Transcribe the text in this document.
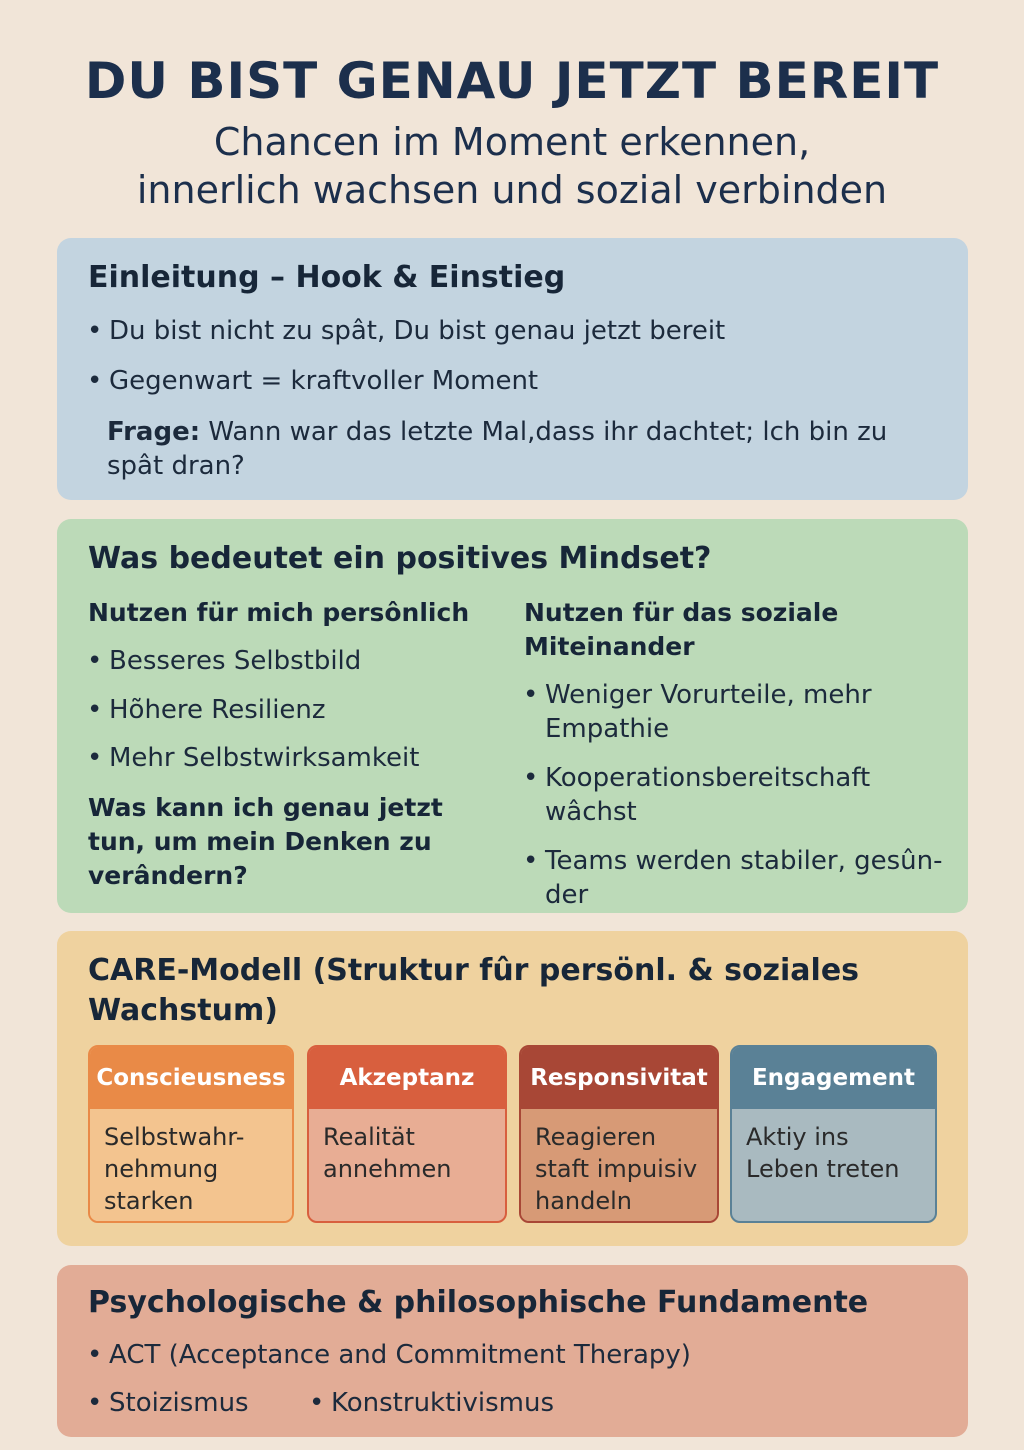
DU BIST GENAU JETZT BEREIT
Chancen im Moment erkennen,
innerlich wachsen und sozial verbinden
Einleitung – Hook & Einstieg
• Du bist nicht zu spât, Du bist genau jetzt bereit
• Gegenwart = kraftvoller Moment
Frage: Wann war das letzte Mal,dass ihr dachtet; lch bin zu spât dran?
Was bedeutet ein positives Mindset?
Nutzen für mich persônlich
• Besseres Selbstbild
• Hõhere Resilienz
• Mehr Selbstwirksamkeit
Was kann ich genau jetzt tun, um mein Denken zu verândern?
Nutzen für das soziale Miteinander
• Weniger Vorurteile, mehr Empathie
• Kooperationsbereitschaft wâchst
• Teams werden stabiler, gesûn-der
CARE-Modell (Struktur fûr persönl. & soziales Wachstum)
Conscieusness
Selbstwahr-nehmung starken
Akzeptanz
Realität annehmen
Responsivitat
Reagieren staft impuisiv handeln
Engagement
Aktiy ins Leben treten
Psychologische & philosophische Fundamente
• ACT (Acceptance and Commitment Therapy)
• Stoizismus
•	Konstruktivismus
